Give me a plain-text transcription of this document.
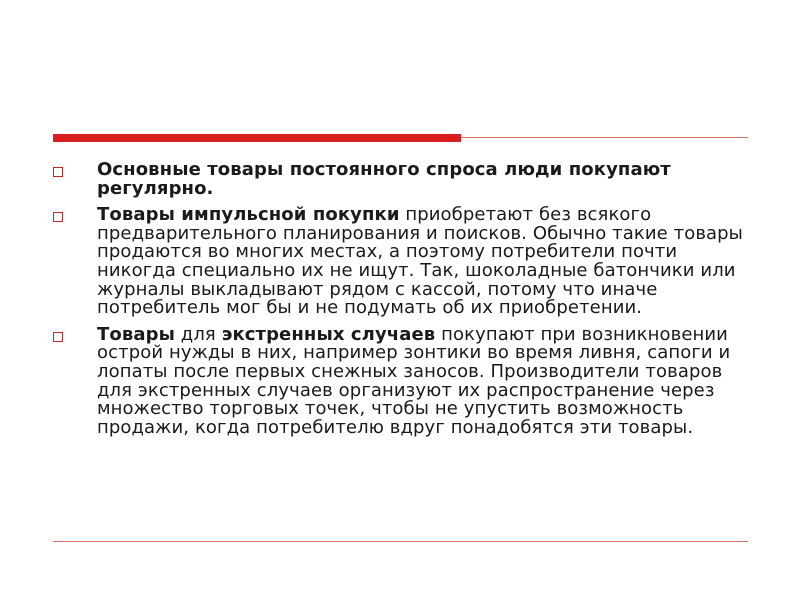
Основные товары постоянного спроса люди покупают регулярно.
Товары импульсной покупки приобретают без всякого предварительного планирования и поисков. Обычно такие товары продаются во многих местах, а поэтому потребители почти никогда специально их не ищут. Так, шоколадные батончики или журналы выкладывают рядом с кассой, потому что иначе потребитель мог бы и не подумать об их приобретении.
Товары для экстренных случаев покупают при возникновении острой нужды в них, например зонтики во время ливня, сапоги и лопаты после первых снежных заносов. Производители товаров для экстренных случаев организуют их распространение через множество торговых точек, чтобы не упустить возможность продажи, когда потребителю вдруг понадобятся эти товары.
